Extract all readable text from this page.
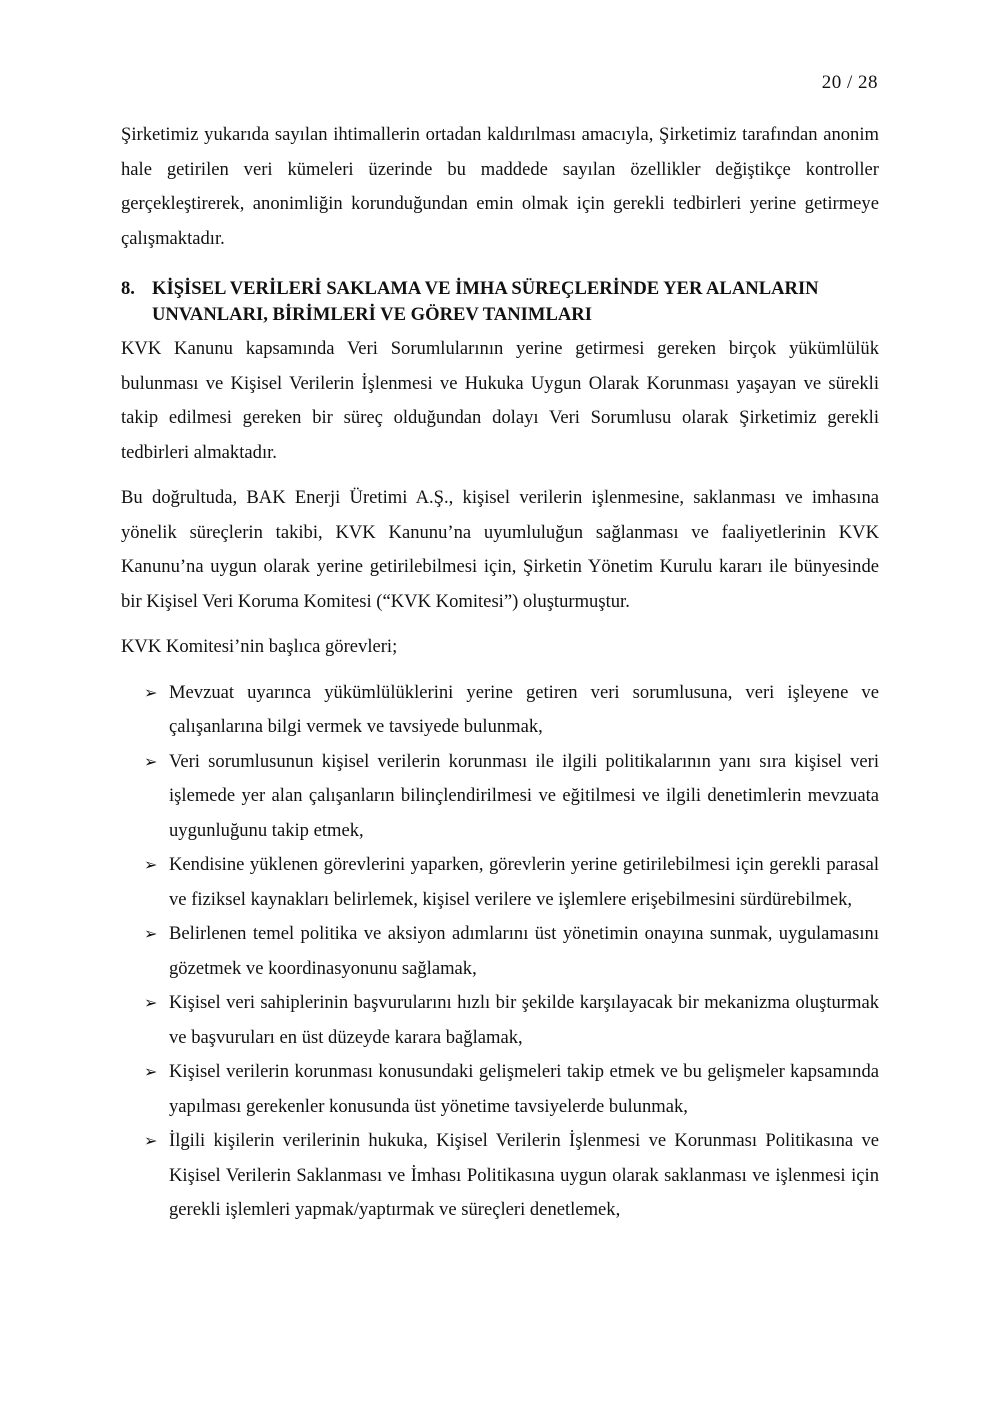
20 / 28

Şirketimiz yukarıda sayılan ihtimallerin ortadan kaldırılması amacıyla, Şirketimiz tarafından anonim hale getirilen veri kümeleri üzerinde bu maddede sayılan özellikler değiştikçe kontroller gerçekleştirerek, anonimliğin korunduğundan emin olmak için gerekli tedbirleri yerine getirmeye çalışmaktadır.

8. KİŞİSEL VERİLERİ SAKLAMA VE İMHA SÜREÇLERİNDE YER ALANLARIN UNVANLARI, BİRİMLERİ VE GÖREV TANIMLARI

KVK Kanunu kapsamında Veri Sorumlularının yerine getirmesi gereken birçok yükümlülük bulunması ve Kişisel Verilerin İşlenmesi ve Hukuka Uygun Olarak Korunması yaşayan ve sürekli takip edilmesi gereken bir süreç olduğundan dolayı Veri Sorumlusu olarak Şirketimiz gerekli tedbirleri almaktadır.

Bu doğrultuda, BAK Enerji Üretimi A.Ş., kişisel verilerin işlenmesine, saklanması ve imhasına yönelik süreçlerin takibi, KVK Kanunu’na uyumluluğun sağlanması ve faaliyetlerinin KVK Kanunu’na uygun olarak yerine getirilebilmesi için, Şirketin Yönetim Kurulu kararı ile bünyesinde bir Kişisel Veri Koruma Komitesi (“KVK Komitesi”) oluşturmuştur.

KVK Komitesi’nin başlıca görevleri;

➢ Mevzuat uyarınca yükümlülüklerini yerine getiren veri sorumlusuna, veri işleyene ve çalışanlarına bilgi vermek ve tavsiyede bulunmak,
➢ Veri sorumlusunun kişisel verilerin korunması ile ilgili politikalarının yanı sıra kişisel veri işlemede yer alan çalışanların bilinçlendirilmesi ve eğitilmesi ve ilgili denetimlerin mevzuata uygunluğunu takip etmek,
➢ Kendisine yüklenen görevlerini yaparken, görevlerin yerine getirilebilmesi için gerekli parasal ve fiziksel kaynakları belirlemek, kişisel verilere ve işlemlere erişebilmesini sürdürebilmek,
➢ Belirlenen temel politika ve aksiyon adımlarını üst yönetimin onayına sunmak, uygulamasını gözetmek ve koordinasyonunu sağlamak,
➢ Kişisel veri sahiplerinin başvurularını hızlı bir şekilde karşılayacak bir mekanizma oluşturmak ve başvuruları en üst düzeyde karara bağlamak,
➢ Kişisel verilerin korunması konusundaki gelişmeleri takip etmek ve bu gelişmeler kapsamında yapılması gerekenler konusunda üst yönetime tavsiyelerde bulunmak,
➢ İlgili kişilerin verilerinin hukuka, Kişisel Verilerin İşlenmesi ve Korunması Politikasına ve Kişisel Verilerin Saklanması ve İmhası Politikasına uygun olarak saklanması ve işlenmesi için gerekli işlemleri yapmak/yaptırmak ve süreçleri denetlemek,
